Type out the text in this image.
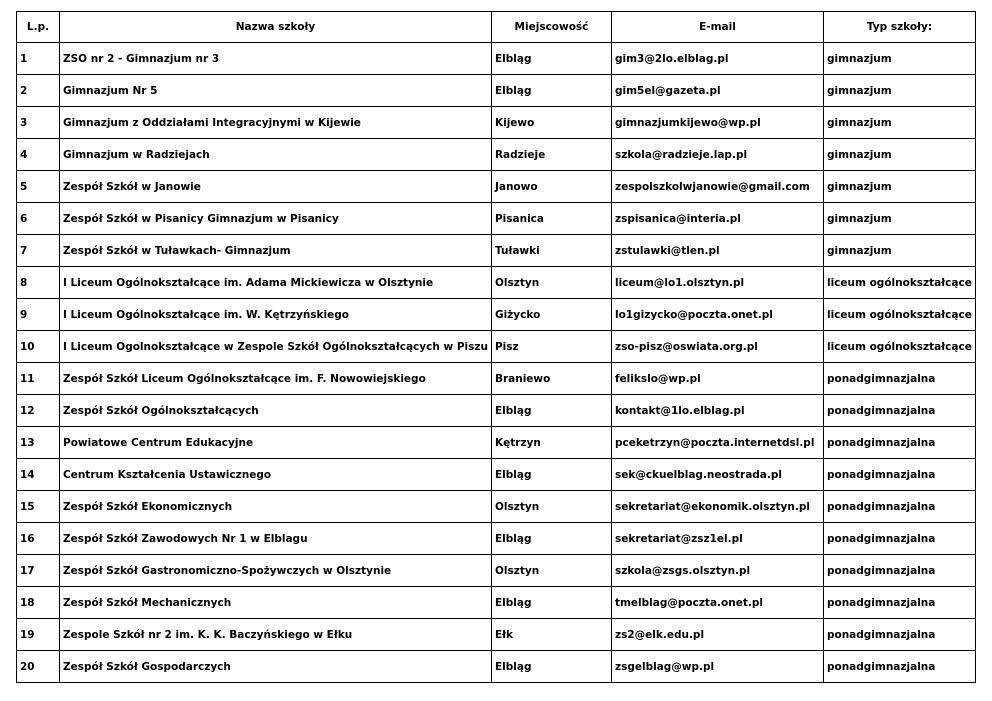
L.p.	Nazwa szkoły	Miejscowość	E-mail	Typ szkoły:
1	ZSO nr 2 - Gimnazjum nr 3	Elbląg	gim3@2lo.elblag.pl	gimnazjum
2	Gimnazjum Nr 5	Elbląg	gim5el@gazeta.pl	gimnazjum
3	Gimnazjum z Oddziałami Integracyjnymi w Kijewie	Kijewo	gimnazjumkijewo@wp.pl	gimnazjum
4	Gimnazjum w Radziejach	Radzieje	szkola@radzieje.lap.pl	gimnazjum
5	Zespół Szkół w Janowie	Janowo	zespolszkolwjanowie@gmail.com	gimnazjum
6	Zespół Szkół w Pisanicy Gimnazjum w Pisanicy	Pisanica	zspisanica@interia.pl	gimnazjum
7	Zespół Szkół w Tuławkach- Gimnazjum	Tuławki	zstulawki@tlen.pl	gimnazjum
8	I Liceum Ogólnokształcące im. Adama Mickiewicza w Olsztynie	Olsztyn	liceum@lo1.olsztyn.pl	liceum ogólnokształcące
9	I Liceum Ogólnokształcące im. W. Kętrzyńskiego	Giżycko	lo1gizycko@poczta.onet.pl	liceum ogólnokształcące
10	I Liceum Ogolnokształcące w Zespole Szkół Ogólnokształcących w Piszu	Pisz	zso-pisz@oswiata.org.pl	liceum ogólnokształcące
11	Zespół Szkół Liceum Ogólnokształcące im. F. Nowowiejskiego	Braniewo	felikslo@wp.pl	ponadgimnazjalna
12	Zespół Szkół Ogólnokształcących	Elbląg	kontakt@1lo.elblag.pl	ponadgimnazjalna
13	Powiatowe Centrum Edukacyjne	Kętrzyn	pceketrzyn@poczta.internetdsl.pl	ponadgimnazjalna
14	Centrum Kształcenia Ustawicznego	Elbląg	sek@ckuelblag.neostrada.pl	ponadgimnazjalna
15	Zespół Szkół Ekonomicznych	Olsztyn	sekretariat@ekonomik.olsztyn.pl	ponadgimnazjalna
16	Zespół Szkół Zawodowych Nr 1 w Elblagu	Elbląg	sekretariat@zsz1el.pl	ponadgimnazjalna
17	Zespół Szkół Gastronomiczno-Spożywczych w Olsztynie	Olsztyn	szkola@zsgs.olsztyn.pl	ponadgimnazjalna
18	Zespół Szkół Mechanicznych	Elbląg	tmelblag@poczta.onet.pl	ponadgimnazjalna
19	Zespole Szkół nr 2 im. K. K. Baczyńskiego w Ełku	Ełk	zs2@elk.edu.pl	ponadgimnazjalna
20	Zespół Szkół Gospodarczych	Elbląg	zsgelblag@wp.pl	ponadgimnazjalna
